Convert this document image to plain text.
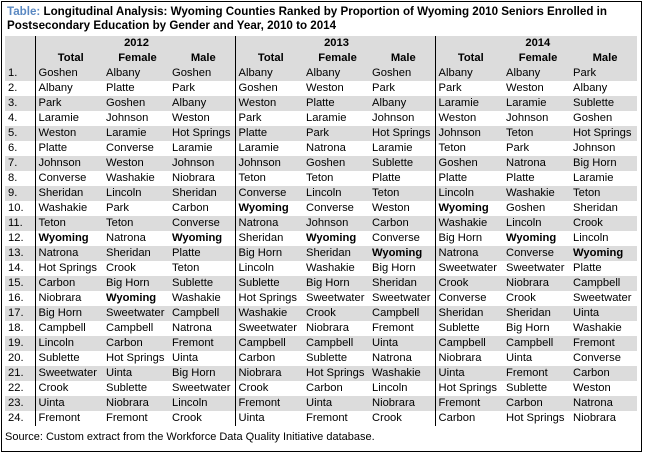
Table: Longitudinal Analysis: Wyoming Counties Ranked by Proportion of Wyoming 2010 Seniors Enrolled in Postsecondary Education by Gender and Year, 2010 to 2014
	2012			2013			2014		
	Total	Female	Male	Total	Female	Male	Total	Female	Male
1.	Goshen	Albany	Goshen	Albany	Albany	Goshen	Albany	Albany	Park
2.	Albany	Platte	Park	Goshen	Weston	Park	Park	Weston	Albany
3.	Park	Goshen	Albany	Weston	Platte	Albany	Laramie	Laramie	Sublette
4.	Laramie	Johnson	Weston	Park	Laramie	Johnson	Weston	Johnson	Goshen
5.	Weston	Laramie	Hot Springs	Platte	Park	Hot Springs	Johnson	Teton	Hot Springs
6.	Platte	Converse	Laramie	Laramie	Natrona	Laramie	Teton	Park	Johnson
7.	Johnson	Weston	Johnson	Johnson	Goshen	Sublette	Goshen	Natrona	Big Horn
8.	Converse	Washakie	Niobrara	Teton	Teton	Platte	Platte	Platte	Laramie
9.	Sheridan	Lincoln	Sheridan	Converse	Lincoln	Teton	Lincoln	Washakie	Teton
10.	Washakie	Park	Carbon	Wyoming	Converse	Weston	Wyoming	Goshen	Sheridan
11.	Teton	Teton	Converse	Natrona	Johnson	Carbon	Washakie	Lincoln	Crook
12.	Wyoming	Natrona	Wyoming	Sheridan	Wyoming	Converse	Big Horn	Wyoming	Lincoln
13.	Natrona	Sheridan	Platte	Big Horn	Sheridan	Wyoming	Natrona	Converse	Wyoming
14.	Hot Springs	Crook	Teton	Lincoln	Washakie	Big Horn	Sweetwater	Sweetwater	Platte
15.	Carbon	Big Horn	Sublette	Sublette	Big Horn	Sheridan	Crook	Niobrara	Campbell
16.	Niobrara	Wyoming	Washakie	Hot Springs	Sweetwater	Sweetwater	Converse	Crook	Sweetwater
17.	Big Horn	Sweetwater	Campbell	Washakie	Crook	Campbell	Sheridan	Sheridan	Uinta
18.	Campbell	Campbell	Natrona	Sweetwater	Niobrara	Fremont	Sublette	Big Horn	Washakie
19.	Lincoln	Carbon	Fremont	Campbell	Campbell	Uinta	Campbell	Campbell	Fremont
20.	Sublette	Hot Springs	Uinta	Carbon	Sublette	Natrona	Niobrara	Uinta	Converse
21.	Sweetwater	Uinta	Big Horn	Niobrara	Hot Springs	Washakie	Uinta	Fremont	Carbon
22.	Crook	Sublette	Sweetwater	Crook	Carbon	Lincoln	Hot Springs	Sublette	Weston
23.	Uinta	Niobrara	Lincoln	Fremont	Uinta	Niobrara	Fremont	Carbon	Natrona
24.	Fremont	Fremont	Crook	Uinta	Fremont	Crook	Carbon	Hot Springs	Niobrara
Source: Custom extract from the Workforce Data Quality Initiative database.
